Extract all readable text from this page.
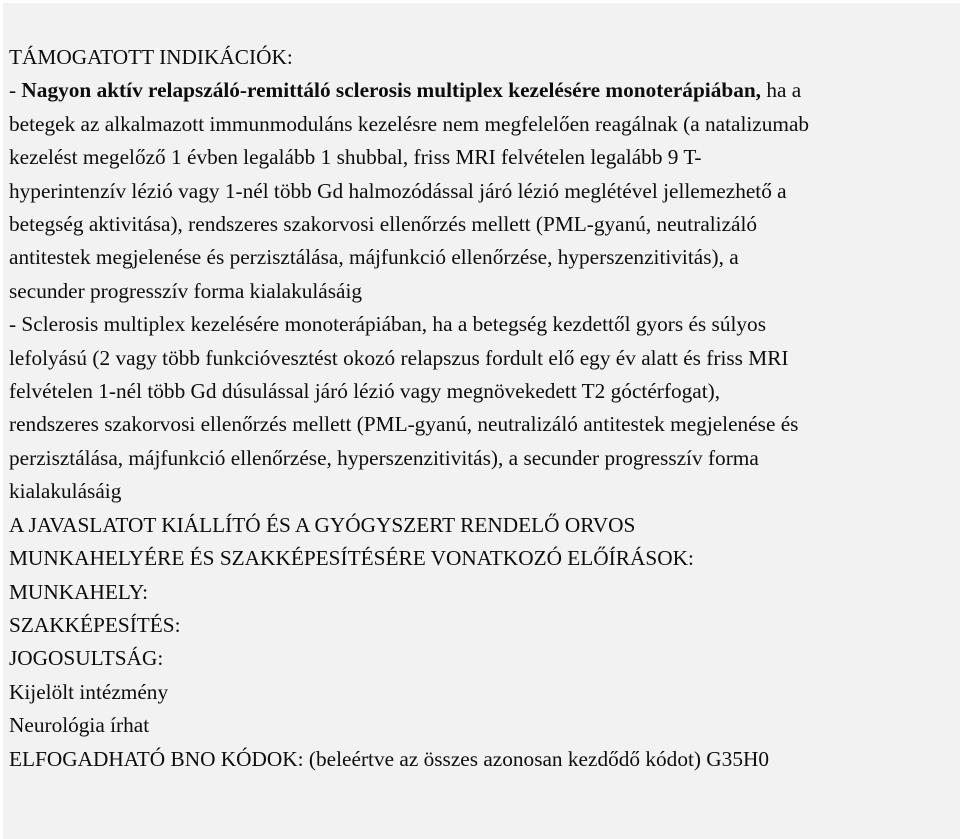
TÁMOGATOTT INDIKÁCIÓK:
- Nagyon aktív relapszáló-remittáló sclerosis multiplex kezelésére monoterápiában, ha a
betegek az alkalmazott immunmoduláns kezelésre nem megfelelően reagálnak (a natalizumab
kezelést megelőző 1 évben legalább 1 shubbal, friss MRI felvételen legalább 9 T-
hyperintenzív lézió vagy 1-nél több Gd halmozódással járó lézió meglétével jellemezhető a
betegség aktivitása), rendszeres szakorvosi ellenőrzés mellett (PML-gyanú, neutralizáló
antitestek megjelenése és perzisztálása, májfunkció ellenőrzése, hyperszenzitivitás), a
secunder progresszív forma kialakulásáig
- Sclerosis multiplex kezelésére monoterápiában, ha a betegség kezdettől gyors és súlyos
lefolyású (2 vagy több funkcióvesztést okozó relapszus fordult elő egy év alatt és friss MRI
felvételen 1-nél több Gd dúsulással járó lézió vagy megnövekedett T2 góctérfogat),
rendszeres szakorvosi ellenőrzés mellett (PML-gyanú, neutralizáló antitestek megjelenése és
perzisztálása, májfunkció ellenőrzése, hyperszenzitivitás), a secunder progresszív forma
kialakulásáig
A JAVASLATOT KIÁLLÍTÓ ÉS A GYÓGYSZERT RENDELŐ ORVOS
MUNKAHELYÉRE ÉS SZAKKÉPESÍTÉSÉRE VONATKOZÓ ELŐÍRÁSOK:
MUNKAHELY:
SZAKKÉPESÍTÉS:
JOGOSULTSÁG:
Kijelölt intézmény
Neurológia írhat
ELFOGADHATÓ BNO KÓDOK: (beleértve az összes azonosan kezdődő kódot) G35H0
